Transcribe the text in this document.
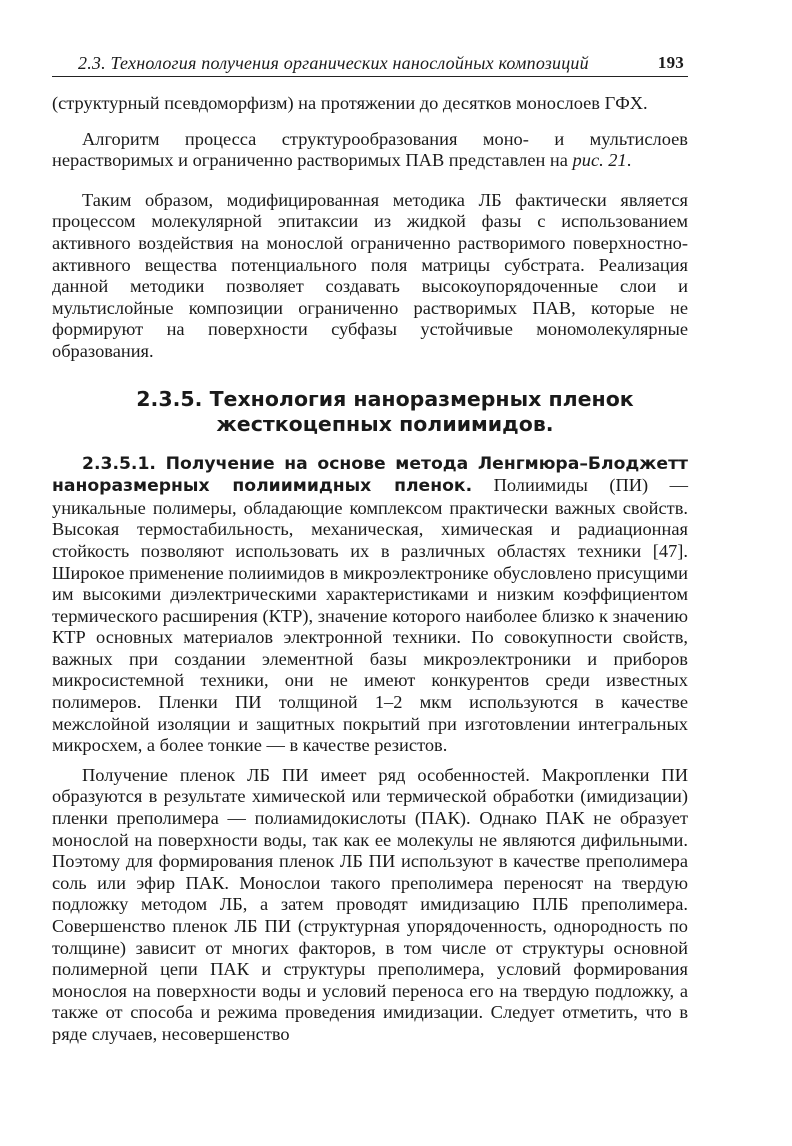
2.3. Технология получения органических нанослойных композиций	193

(структурный псевдоморфизм) на протяжении до десятков монослоев ГФХ.

Алгоритм процесса структурообразования моно- и мультислоев нерастворимых и ограниченно растворимых ПАВ представлен на рис. 21.

Таким образом, модифицированная методика ЛБ фактически является процессом молекулярной эпитаксии из жидкой фазы с использованием активного воздействия на монослой ограниченно растворимого поверхностно-активного вещества потенциального поля матрицы субстрата. Реализация данной методики позволяет создавать высокоупорядоченные слои и мультислойные композиции ограниченно растворимых ПАВ, которые не формируют на поверхности субфазы устойчивые мономолекулярные образования.

2.3.5. Технология наноразмерных пленок
жесткоцепных полиимидов.

2.3.5.1. Получение на основе метода Ленгмюра–Блоджетт наноразмерных полиимидных пленок. Полиимиды (ПИ) — уникальные полимеры, обладающие комплексом практически важных свойств. Высокая термостабильность, механическая, химическая и радиационная стойкость позволяют использовать их в различных областях техники [47]. Широкое применение полиимидов в микроэлектронике обусловлено присущими им высокими диэлектрическими характеристиками и низким коэффициентом термического расширения (КТР), значение которого наиболее близко к значению КТР основных материалов электронной техники. По совокупности свойств, важных при создании элементной базы микроэлектроники и приборов микросистемной техники, они не имеют конкурентов среди известных полимеров. Пленки ПИ толщиной 1–2 мкм используются в качестве межслойной изоляции и защитных покрытий при изготовлении интегральных микросхем, а более тонкие — в качестве резистов.

Получение пленок ЛБ ПИ имеет ряд особенностей. Макропленки ПИ образуются в результате химической или термической обработки (имидизации) пленки преполимера — полиамидокислоты (ПАК). Однако ПАК не образует монослой на поверхности воды, так как ее молекулы не являются дифильными. Поэтому для формирования пленок ЛБ ПИ используют в качестве преполимера соль или эфир ПАК. Монослои такого преполимера переносят на твердую подложку методом ЛБ, а затем проводят имидизацию ПЛБ преполимера. Совершенство пленок ЛБ ПИ (структурная упорядоченность, однородность по толщине) зависит от многих факторов, в том числе от структуры основной полимерной цепи ПАК и структуры преполимера, условий формирования монослоя на поверхности воды и условий переноса его на твердую подложку, а также от способа и режима проведения имидизации. Следует отметить, что в ряде случаев, несовершенство
